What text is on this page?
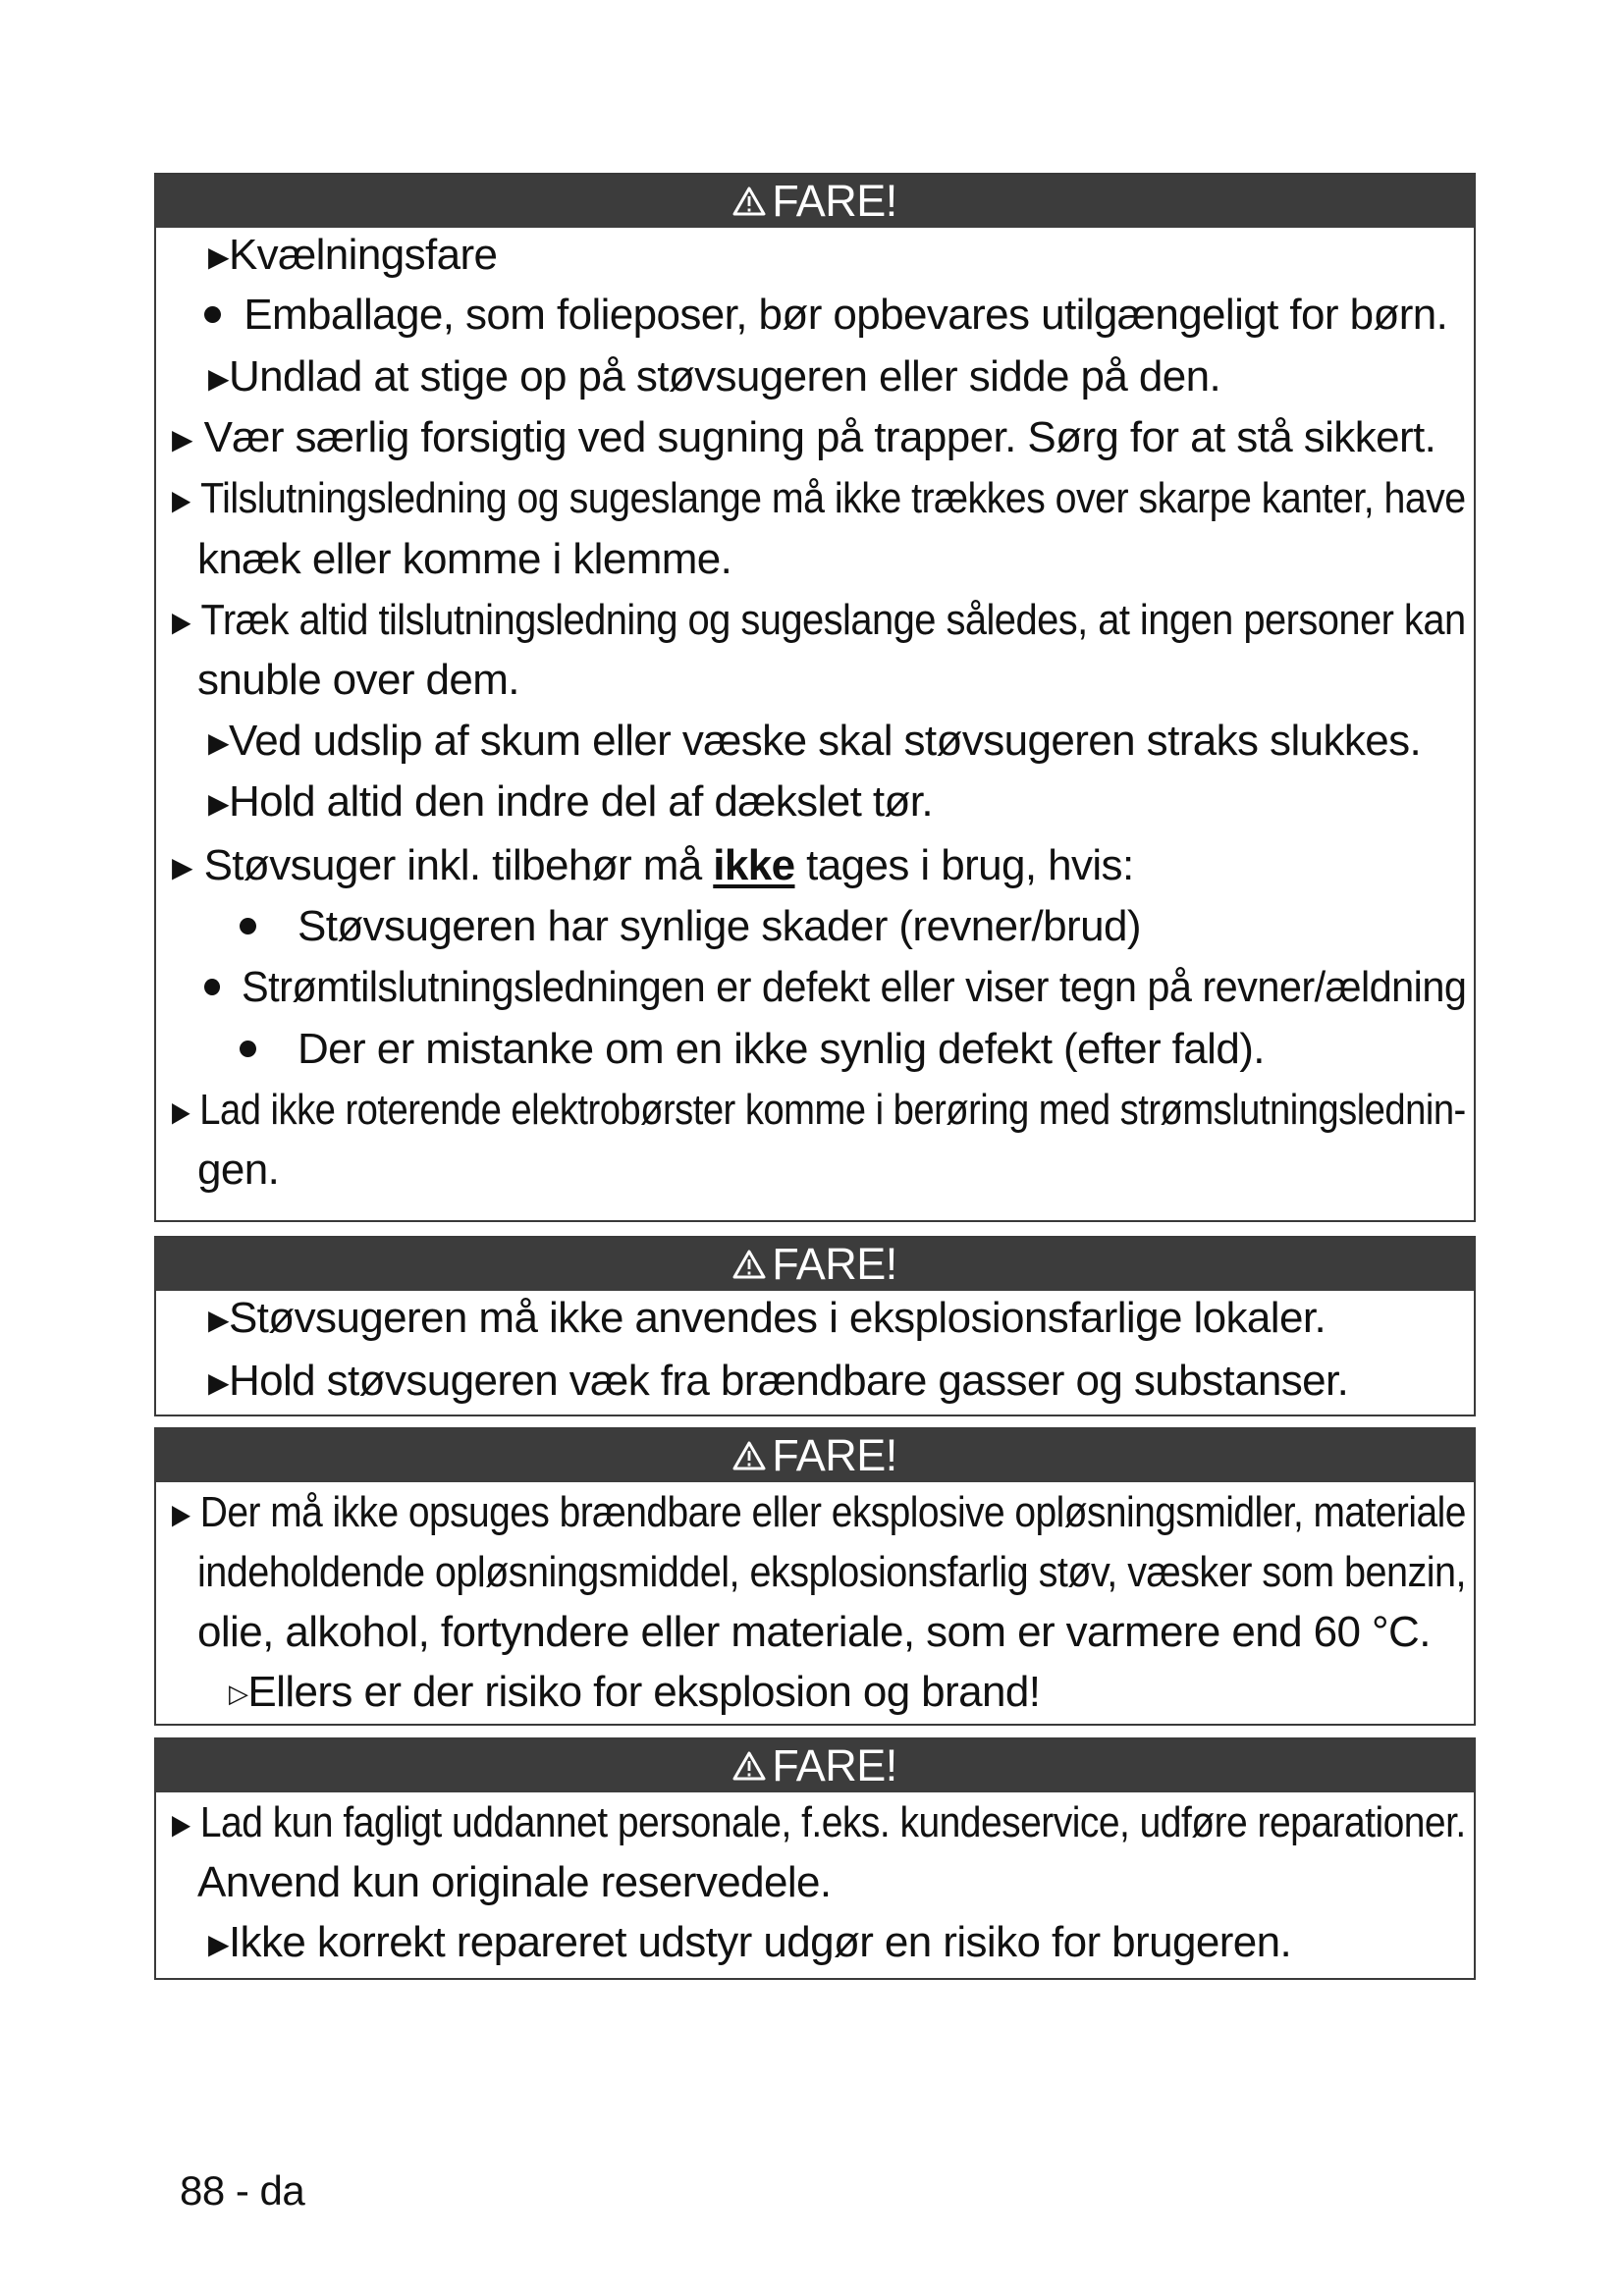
FARE!
▶Kvælningsfare
Emballage, som folieposer, bør opbevares utilgængeligt for børn.
▶Undlad at stige op på støvsugeren eller sidde på den.
▶ Vær særlig forsigtig ved sugning på trapper. Sørg for at stå sikkert.
▶ Tilslutningsledning og sugeslange må ikke trækkes over skarpe kanter, have
knæk eller komme i klemme.
▶ Træk altid tilslutningsledning og sugeslange således, at ingen personer kan
snuble over dem.
▶Ved udslip af skum eller væske skal støvsugeren straks slukkes.
▶Hold altid den indre del af dækslet tør.
▶ Støvsuger inkl. tilbehør må ikke tages i brug, hvis:
Støvsugeren har synlige skader (revner/brud)
Strømtilslutningsledningen er defekt eller viser tegn på revner/ældning
Der er mistanke om en ikke synlig defekt (efter fald).
▶ Lad ikke roterende elektrobørster komme i berøring med strømslutningslednin-
gen.
FARE!
▶Støvsugeren må ikke anvendes i eksplosionsfarlige lokaler.
▶Hold støvsugeren væk fra brændbare gasser og substanser.
FARE!
▶ Der må ikke opsuges brændbare eller eksplosive opløsningsmidler, materiale
indeholdende opløsningsmiddel, eksplosionsfarlig støv, væsker som benzin,
olie, alkohol, fortyndere eller materiale, som er varmere end 60 °C.
▷Ellers er der risiko for eksplosion og brand!
FARE!
▶ Lad kun fagligt uddannet personale, f.eks. kundeservice, udføre reparationer.
Anvend kun originale reservedele.
▶Ikke korrekt repareret udstyr udgør en risiko for brugeren.
88 - da
